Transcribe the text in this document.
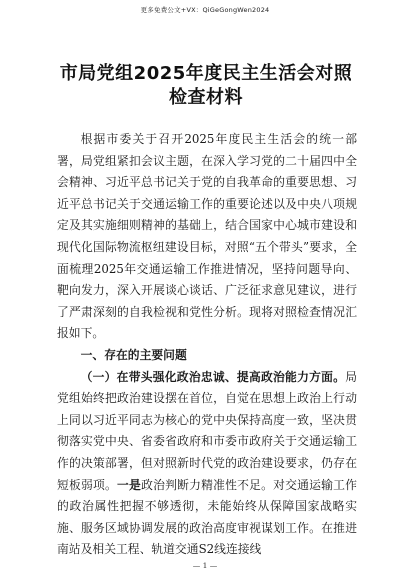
更多免费公文+VX：QiGeGongWen2024
市局党组2025年度民主生活会对照检查材料

根据市委关于召开2025年度民主生活会的统一部署，局党组紧扣会议主题，在深入学习党的二十届四中全会精神、习近平总书记关于党的自我革命的重要思想、习近平总书记关于交通运输工作的重要论述以及中央八项规定及其实施细则精神的基础上，结合国家中心城市建设和现代化国际物流枢纽建设目标，对照“五个带头”要求，全面梳理2025年交通运输工作推进情况，坚持问题导向、靶向发力，深入开展谈心谈话、广泛征求意见建议，进行了严肃深刻的自我检视和党性分析。现将对照检查情况汇报如下。

一、存在的主要问题

（一）在带头强化政治忠诚、提高政治能力方面。局党组始终把政治建设摆在首位，自觉在思想上政治上行动上同以习近平同志为核心的党中央保持高度一致，坚决贯彻落实党中央、省委省政府和市委市政府关于交通运输工作的决策部署，但对照新时代党的政治建设要求，仍存在短板弱项。一是政治判断力精准性不足。对交通运输工作的政治属性把握不够透彻，未能始终从保障国家战略实施、服务区域协调发展的政治高度审视谋划工作。在推进南站及相关工程、轨道交通S2线连接线

— 1 —
